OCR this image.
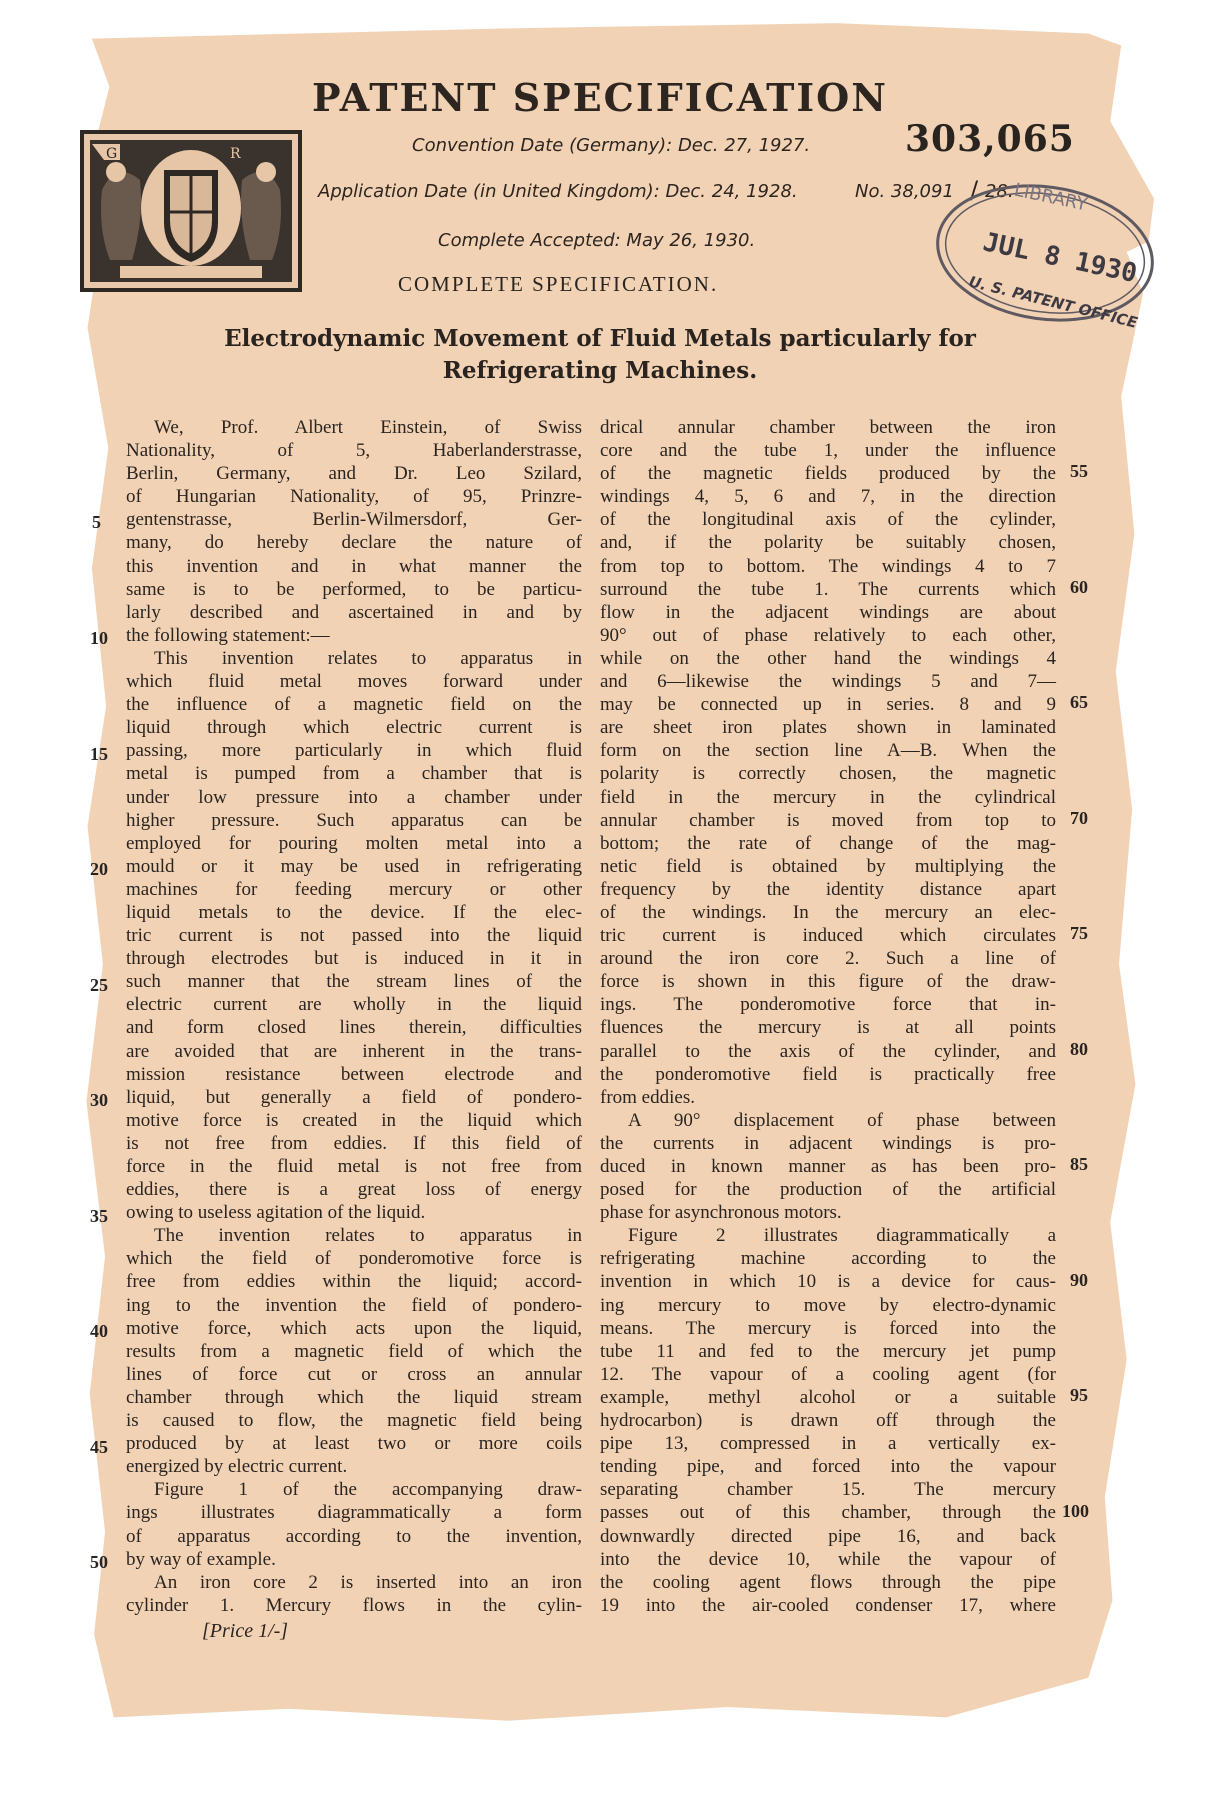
PATENT SPECIFICATION
303,065
Convention Date (Germany): Dec. 27, 1927.
Application Date (in United Kingdom): Dec. 24, 1928.	No. 38,091 / 28.
Complete Accepted: May 26, 1930.
G	R
LIBRARY
JUL 8 1930
U. S. PATENT OFFICE
COMPLETE SPECIFICATION.
Electrodynamic Movement of Fluid Metals particularly for
Refrigerating Machines.
We, Prof. Albert Einstein, of Swiss
Nationality, of 5, Haberlanderstrasse,
Berlin, Germany, and Dr. Leo Szilard,
of Hungarian Nationality, of 95, Prinzre-
gentenstrasse, Berlin-Wilmersdorf, Ger-
many, do hereby declare the nature of
this invention and in what manner the
same is to be performed, to be particu-
larly described and ascertained in and by
the following statement:—
This invention relates to apparatus in
which fluid metal moves forward under
the influence of a magnetic field on the
liquid through which electric current is
passing, more particularly in which fluid
metal is pumped from a chamber that is
under low pressure into a chamber under
higher pressure. Such apparatus can be
employed for pouring molten metal into a
mould or it may be used in refrigerating
machines for feeding mercury or other
liquid metals to the device. If the elec-
tric current is not passed into the liquid
through electrodes but is induced in it in
such manner that the stream lines of the
electric current are wholly in the liquid
and form closed lines therein, difficulties
are avoided that are inherent in the trans-
mission resistance between electrode and
liquid, but generally a field of pondero-
motive force is created in the liquid which
is not free from eddies. If this field of
force in the fluid metal is not free from
eddies, there is a great loss of energy
owing to useless agitation of the liquid.
The invention relates to apparatus in
which the field of ponderomotive force is
free from eddies within the liquid; accord-
ing to the invention the field of pondero-
motive force, which acts upon the liquid,
results from a magnetic field of which the
lines of force cut or cross an annular
chamber through which the liquid stream
is caused to flow, the magnetic field being
produced by at least two or more coils
energized by electric current.
Figure 1 of the accompanying draw-
ings illustrates diagrammatically a form
of apparatus according to the invention,
by way of example.
An iron core 2 is inserted into an iron
cylinder 1. Mercury flows in the cylin-
drical annular chamber between the iron
core and the tube 1, under the influence
of the magnetic fields produced by the
windings 4, 5, 6 and 7, in the direction
of the longitudinal axis of the cylinder,
and, if the polarity be suitably chosen,
from top to bottom. The windings 4 to 7
surround the tube 1. The currents which
flow in the adjacent windings are about
90° out of phase relatively to each other,
while on the other hand the windings 4
and 6—likewise the windings 5 and 7—
may be connected up in series. 8 and 9
are sheet iron plates shown in laminated
form on the section line A—B. When the
polarity is correctly chosen, the magnetic
field in the mercury in the cylindrical
annular chamber is moved from top to
bottom; the rate of change of the mag-
netic field is obtained by multiplying the
frequency by the identity distance apart
of the windings. In the mercury an elec-
tric current is induced which circulates
around the iron core 2. Such a line of
force is shown in this figure of the draw-
ings. The ponderomotive force that in-
fluences the mercury is at all points
parallel to the axis of the cylinder, and
the ponderomotive field is practically free
from eddies.
A 90° displacement of phase between
the currents in adjacent windings is pro-
duced in known manner as has been pro-
posed for the production of the artificial
phase for asynchronous motors.
Figure 2 illustrates diagrammatically a
refrigerating machine according to the
invention in which 10 is a device for caus-
ing mercury to move by electro-dynamic
means. The mercury is forced into the
tube 11 and fed to the mercury jet pump
12. The vapour of a cooling agent (for
example, methyl alcohol or a suitable
hydrocarbon) is drawn off through the
pipe 13, compressed in a vertically ex-
tending pipe, and forced into the vapour
separating chamber 15. The mercury
passes out of this chamber, through the
downwardly directed pipe 16, and back
into the device 10, while the vapour of
the cooling agent flows through the pipe
19 into the air-cooled condenser 17, where
5
10
15
20
25
30
35
40
45
50
55
60
65
70
75
80
85
90
95
100
[Price 1/-]
